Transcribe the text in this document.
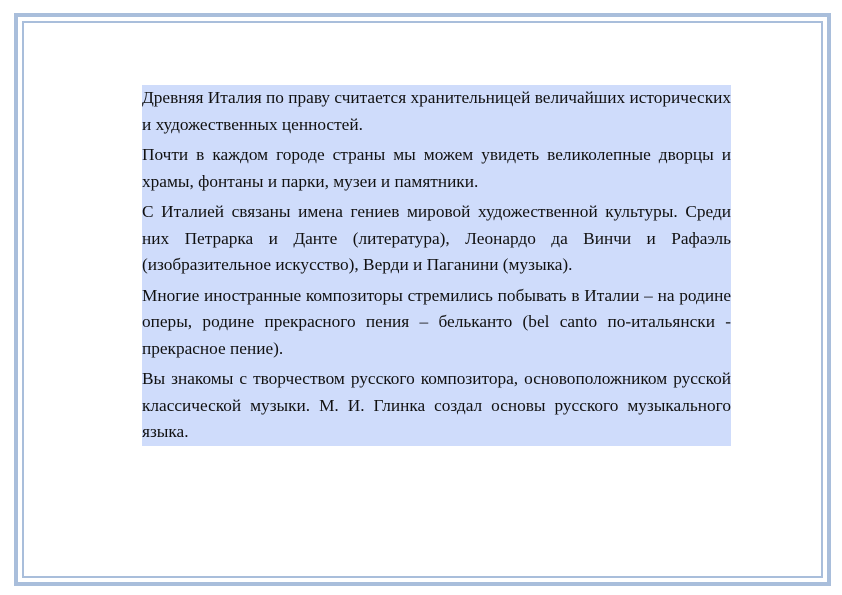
Древняя Италия по праву считается хранительницей величайших исторических и художественных ценностей.

Почти в каждом городе страны мы можем увидеть великолепные дворцы и храмы, фонтаны и парки, музеи и памятники.

С Италией связаны имена гениев мировой художественной культуры. Среди них Петрарка и Данте (литература), Леонардо да Винчи и Рафаэль (изобразительное искусство), Верди и Паганини (музыка).

Многие иностранные композиторы стремились побывать в Италии – на родине оперы, родине прекрасного пения – бельканто (bel canto по-итальянски - прекрасное пение).

Вы знакомы с творчеством русского композитора, основоположником русской классической музыки. М. И. Глинка создал основы русского музыкального языка.
